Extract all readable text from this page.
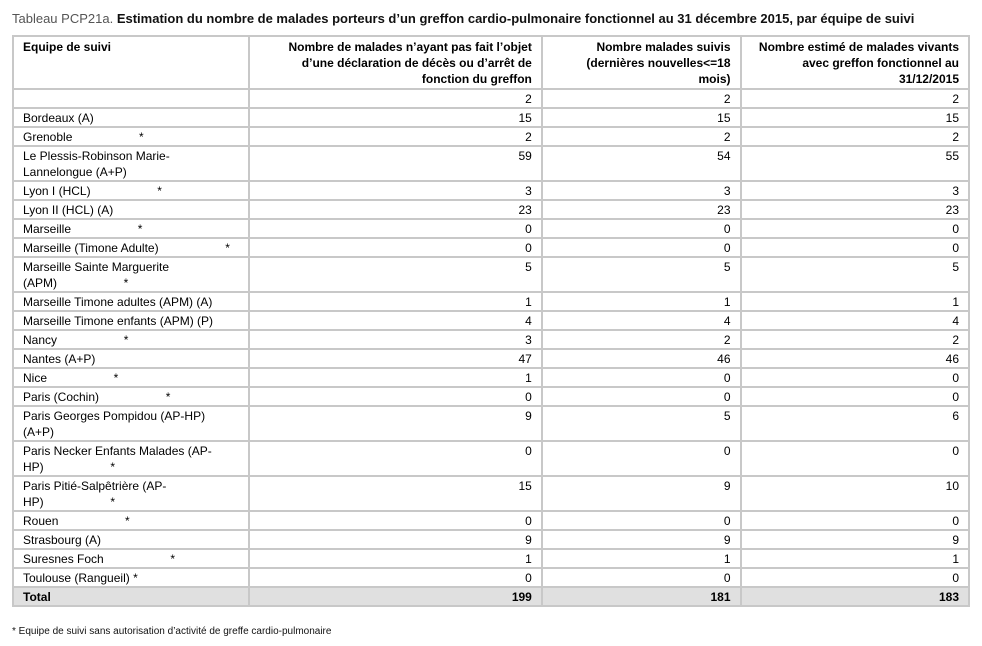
Tableau PCP21a. Estimation du nombre de malades porteurs d’un greffon cardio-pulmonaire fonctionnel au 31 décembre 2015, par équipe de suivi
Equipe de suivi	Nombre de malades n’ayant pas fait l’objet d’une déclaration de décès ou d’arrêt de fonction du greffon	Nombre malades suivis (dernières nouvelles<=18 mois)	Nombre estimé de malades vivants avec greffon fonctionnel au 31/12/2015
	2	2	2
Bordeaux (A)	15	15	15
Grenoble                    *	2	2	2
Le Plessis-Robinson Marie-Lannelongue (A+P)	59	54	55
Lyon I (HCL)                    *	3	3	3
Lyon II (HCL) (A)	23	23	23
Marseille                    *	0	0	0
Marseille (Timone Adulte)                    *	0	0	0
Marseille Sainte Marguerite (APM)                    *	5	5	5
Marseille Timone adultes (APM) (A)	1	1	1
Marseille Timone enfants (APM) (P)	4	4	4
Nancy                    *	3	2	2
Nantes (A+P)	47	46	46
Nice                    *	1	0	0
Paris (Cochin)                    *	0	0	0
Paris Georges Pompidou (AP-HP) (A+P)	9	5	6
Paris Necker Enfants Malades (AP-HP)                    *	0	0	0
Paris Pitié-Salpêtrière (AP-HP)                    *	15	9	10
Rouen                    *	0	0	0
Strasbourg (A)	9	9	9
Suresnes Foch                    *	1	1	1
Toulouse (Rangueil) *	0	0	0
Total	199	181	183
* Equipe de suivi sans autorisation d’activité de greffe cardio-pulmonaire
